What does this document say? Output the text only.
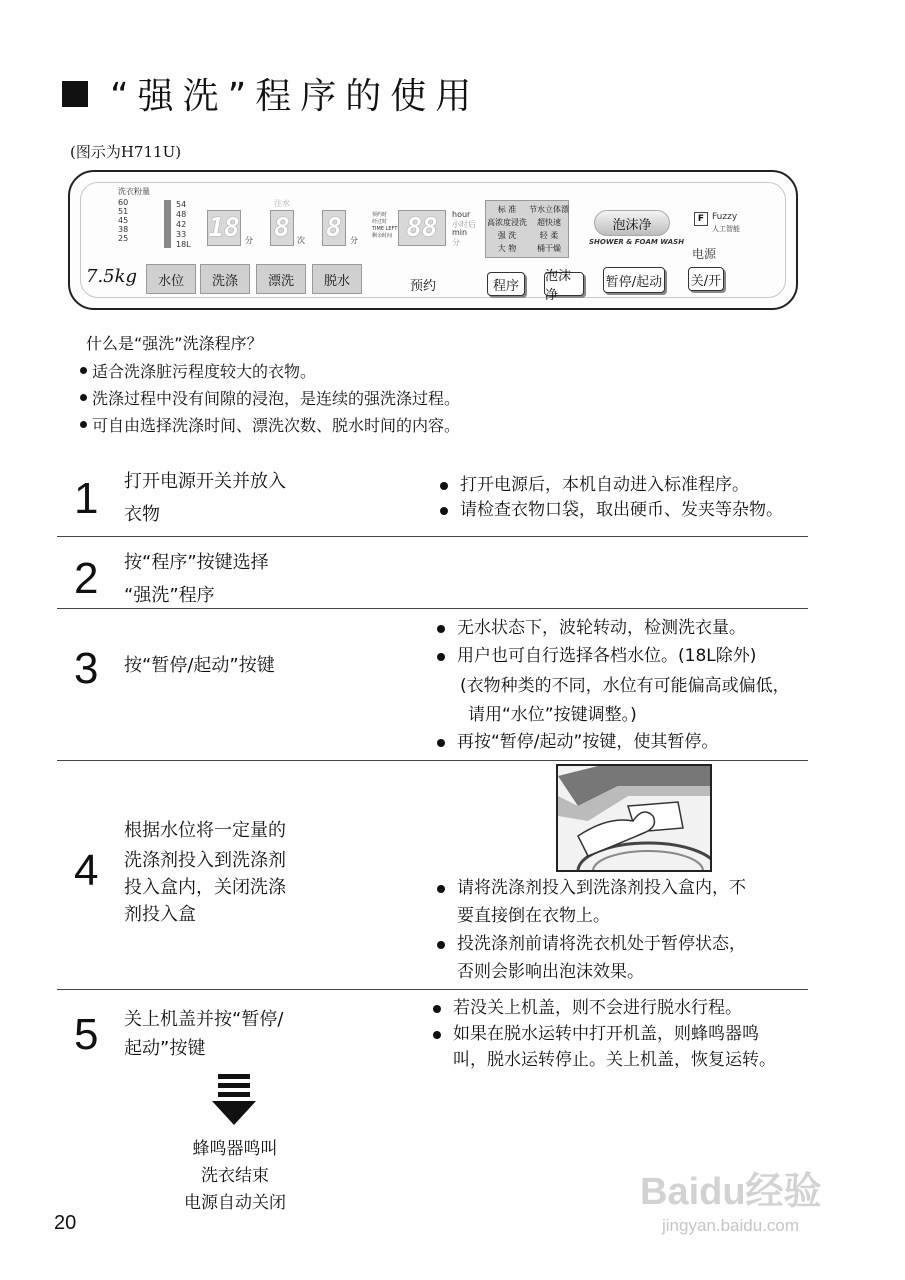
“强洗”程序的使用
(图示为H711U)
洗衣粉量
60
51
45
38
25
54
48
42
33
18L
18 分
注水
8 次 8	分
预约时
经过时
TIME LEFT
剩余时间 88	hour
小时后
min
分
标 准
高浓度浸洗
强 洗
大 物
节水立体漂
超快速
轻 柔
桶干燥
泡沫净
SHOWER & FOAM WASH
F Fuzzy
人工智能
电源
7.5kg	水位	洗涤	漂洗	脱水	预约	程序
泡沫净
暂停/起动 关/开
什么是“强洗”洗涤程序？
适合洗涤脏污程度较大的衣物。
洗涤过程中没有间隙的浸泡，是连续的强洗涤过程。
可自由选择洗涤时间、漂洗次数、脱水时间的内容。
1 打开电源开关并放入
衣物
打开电源后，本机自动进入标准程序。
请检查衣物口袋，取出硬币、发夹等杂物。
2 按“程序”按键选择
“强洗”程序
3 按“暂停/起动”按键
无水状态下，波轮转动，检测洗衣量。
用户也可自行选择各档水位。(18L除外)
(衣物种类的不同，水位有可能偏高或偏低，
请用“水位”按键调整。)
再按“暂停/起动”按键，使其暂停。
4
根据水位将一定量的
洗涤剂投入到洗涤剂
投入盒内，关闭洗涤
剂投入盒
请将洗涤剂投入到洗涤剂投入盒内，不
要直接倒在衣物上。
投洗涤剂前请将洗衣机处于暂停状态，
否则会影响出泡沫效果。
5 关上机盖并按“暂停/
起动”按键
若没关上机盖，则不会进行脱水行程。
如果在脱水运转中打开机盖，则蜂鸣器鸣
叫，脱水运转停止。关上机盖，恢复运转。
蜂鸣器鸣叫
洗衣结束
电源自动关闭
20
Baidu经验
jingyan.baidu.com
